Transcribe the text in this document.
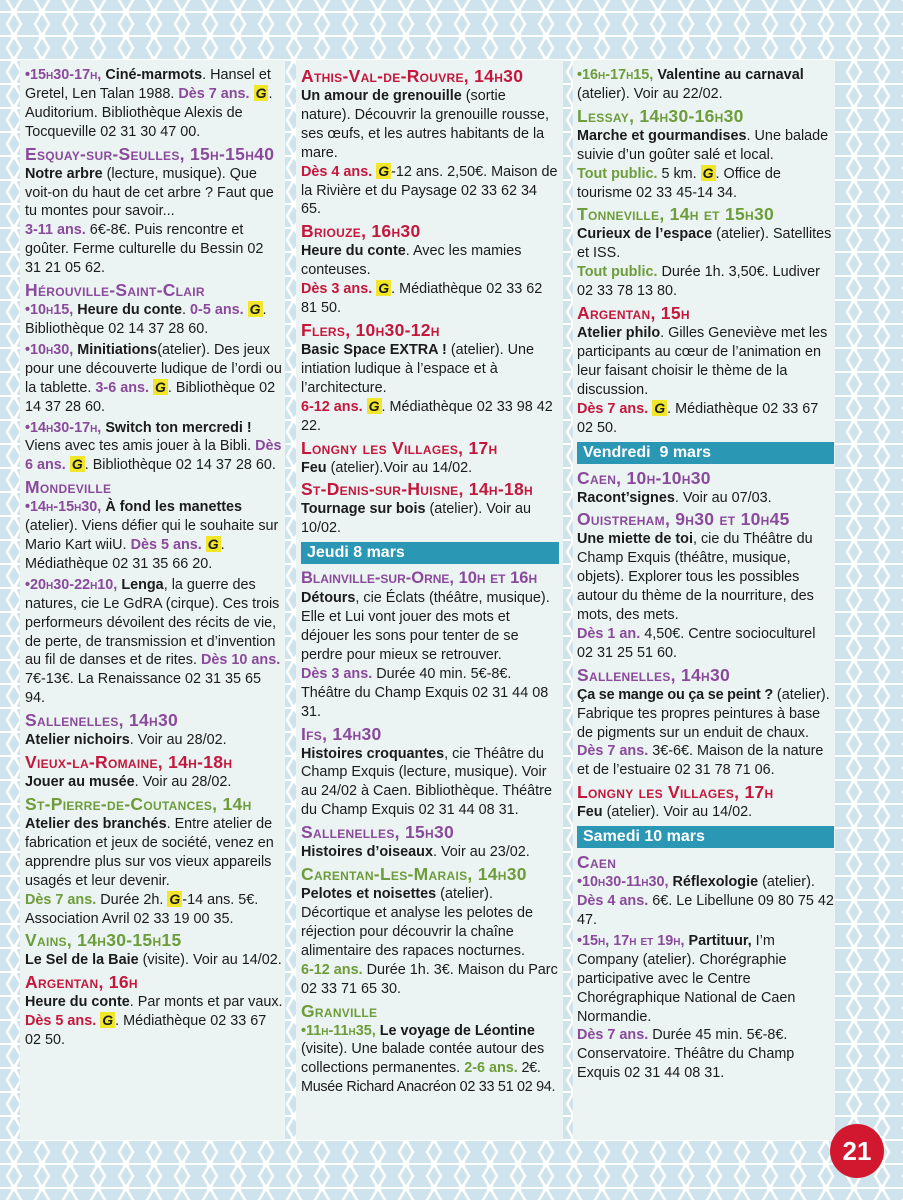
•15h30-17h, Ciné-marmots. Hansel et Gretel, Len Talan 1988. Dès 7 ans. G . Auditorium. Bibliothèque Alexis de Tocqueville 02 31 30 47 00.
Esquay-sur-Seulles, 15h-15h40
Notre arbre (lecture, musique). Que voit-on du haut de cet arbre ? Faut que tu montes pour savoir...
3-11 ans. 6€-8€. Puis rencontre et goûter. Ferme culturelle du Bessin 02 31 21 05 62.
Hérouville-Saint-Clair
•10h15, Heure du conte. 0-5 ans. G . Bibliothèque 02 14 37 28 60.
•10h30, Minitiations(atelier). Des jeux pour une découverte ludique de l’ordi ou la tablette. 3-6 ans. G . Bibliothèque 02 14 37 28 60.
•14h30-17h, Switch ton mercredi ! Viens avec tes amis jouer à la Bibli. Dès 6 ans. G . Bibliothèque 02 14 37 28 60.
Mondeville
•14h-15h30, À fond les manettes (atelier). Viens défier qui le souhaite sur Mario Kart wiiU. Dès 5 ans. G . Médiathèque 02 31 35 66 20.
•20h30-22h10, Lenga, la guerre des natures, cie Le GdRA (cirque). Ces trois performeurs dévoilent des récits de vie, de perte, de transmission et d’invention au fil de danses et de rites. Dès 10 ans. 7€-13€. La Renaissance 02 31 35 65 94.
Sallenelles, 14h30
Atelier nichoirs. Voir au 28/02.
Vieux-la-Romaine, 14h-18h
Jouer au musée. Voir au 28/02.
St-Pierre-de-Coutances, 14h
Atelier des branchés. Entre atelier de fabrication et jeux de société, venez en apprendre plus sur vos vieux appareils usagés et leur devenir.
Dès 7 ans. Durée 2h. G -14 ans. 5€. Association Avril 02 33 19 00 35.
Vains, 14h30-15h15
Le Sel de la Baie (visite). Voir au 14/02.
Argentan, 16h
Heure du conte. Par monts et par vaux.
Dès 5 ans. G . Médiathèque 02 33 67 02 50.
Athis-Val-de-Rouvre, 14h30
Un amour de grenouille (sortie nature). Découvrir la grenouille rousse, ses œufs, et les autres habitants de la mare.
Dès 4 ans. G -12 ans. 2,50€. Maison de la Rivière et du Paysage 02 33 62 34 65.
Briouze, 16h30
Heure du conte. Avec les mamies conteuses.
Dès 3 ans. G . Médiathèque 02 33 62 81 50.
Flers, 10h30-12h
Basic Space EXTRA ! (atelier). Une intiation ludique à l’espace et à l’architecture.
6-12 ans. G . Médiathèque 02 33 98 42 22.
Longny les Villages, 17h
Feu (atelier).Voir au 14/02.
St-Denis-sur-Huisne, 14h-18h
Tournage sur bois (atelier). Voir au 10/02.
Jeudi 8 mars
Blainville-sur-Orne, 10h et 16h
Détours, cie Éclats (théâtre, musique). Elle et Lui vont jouer des mots et déjouer les sons pour tenter de se perdre pour mieux se retrouver.
Dès 3 ans. Durée 40 min. 5€-8€. Théâtre du Champ Exquis 02 31 44 08 31.
Ifs, 14h30
Histoires croquantes, cie Théâtre du Champ Exquis (lecture, musique). Voir au 24/02 à Caen. Bibliothèque. Théâtre du Champ Exquis 02 31 44 08 31.
Sallenelles, 15h30
Histoires d’oiseaux. Voir au 23/02.
Carentan-Les-Marais, 14h30
Pelotes et noisettes (atelier). Décortique et analyse les pelotes de réjection pour découvrir la chaîne alimentaire des rapaces nocturnes.
6-12 ans. Durée 1h. 3€. Maison du Parc 02 33 71 65 30.
Granville
•11h-11h35, Le voyage de Léontine (visite). Une balade contée autour des collections permanentes. 2-6 ans. 2€. Musée Richard Anacréon 02 33 51 02 94.
•16h-17h15, Valentine au carnaval (atelier). Voir au 22/02.
Lessay, 14h30-16h30
Marche et gourmandises. Une balade suivie d’un goûter salé et local.
Tout public. 5 km. G . Office de tourisme 02 33 45-14 34.
Tonneville, 14h et 15h30
Curieux de l’espace (atelier). Satellites et ISS.
Tout public. Durée 1h. 3,50€. Ludiver 02 33 78 13 80.
Argentan, 15h
Atelier philo. Gilles Geneviève met les participants au cœur de l’animation en leur faisant choisir le thème de la discussion.
Dès 7 ans. G . Médiathèque 02 33 67 02 50.
Vendredi  9 mars
Caen, 10h-10h30
Racont’signes. Voir au 07/03.
Ouistreham, 9h30 et 10h45
Une miette de toi, cie du Théâtre du Champ Exquis (théâtre, musique, objets). Explorer tous les possibles autour du thème de la nourriture, des mots, des mets.
Dès 1 an. 4,50€. Centre socioculturel 02 31 25 51 60.
Sallenelles, 14h30
Ça se mange ou ça se peint ? (atelier). Fabrique tes propres peintures à base de pigments sur un enduit de chaux.
Dès 7 ans. 3€-6€. Maison de la nature et de l’estuaire 02 31 78 71 06.
Longny les Villages, 17h
Feu (atelier). Voir au 14/02.
Samedi 10 mars
Caen
•10h30-11h30, Réflexologie (atelier). Dès 4 ans. 6€. Le Libellune 09 80 75 42 47.
•15h, 17h et 19h, Partituur, I’m Company (atelier). Chorégraphie participative avec le Centre Chorégraphique National de Caen Normandie.
Dès 7 ans. Durée 45 min. 5€-8€. Conservatoire. Théâtre du Champ Exquis 02 31 44 08 31.
21
